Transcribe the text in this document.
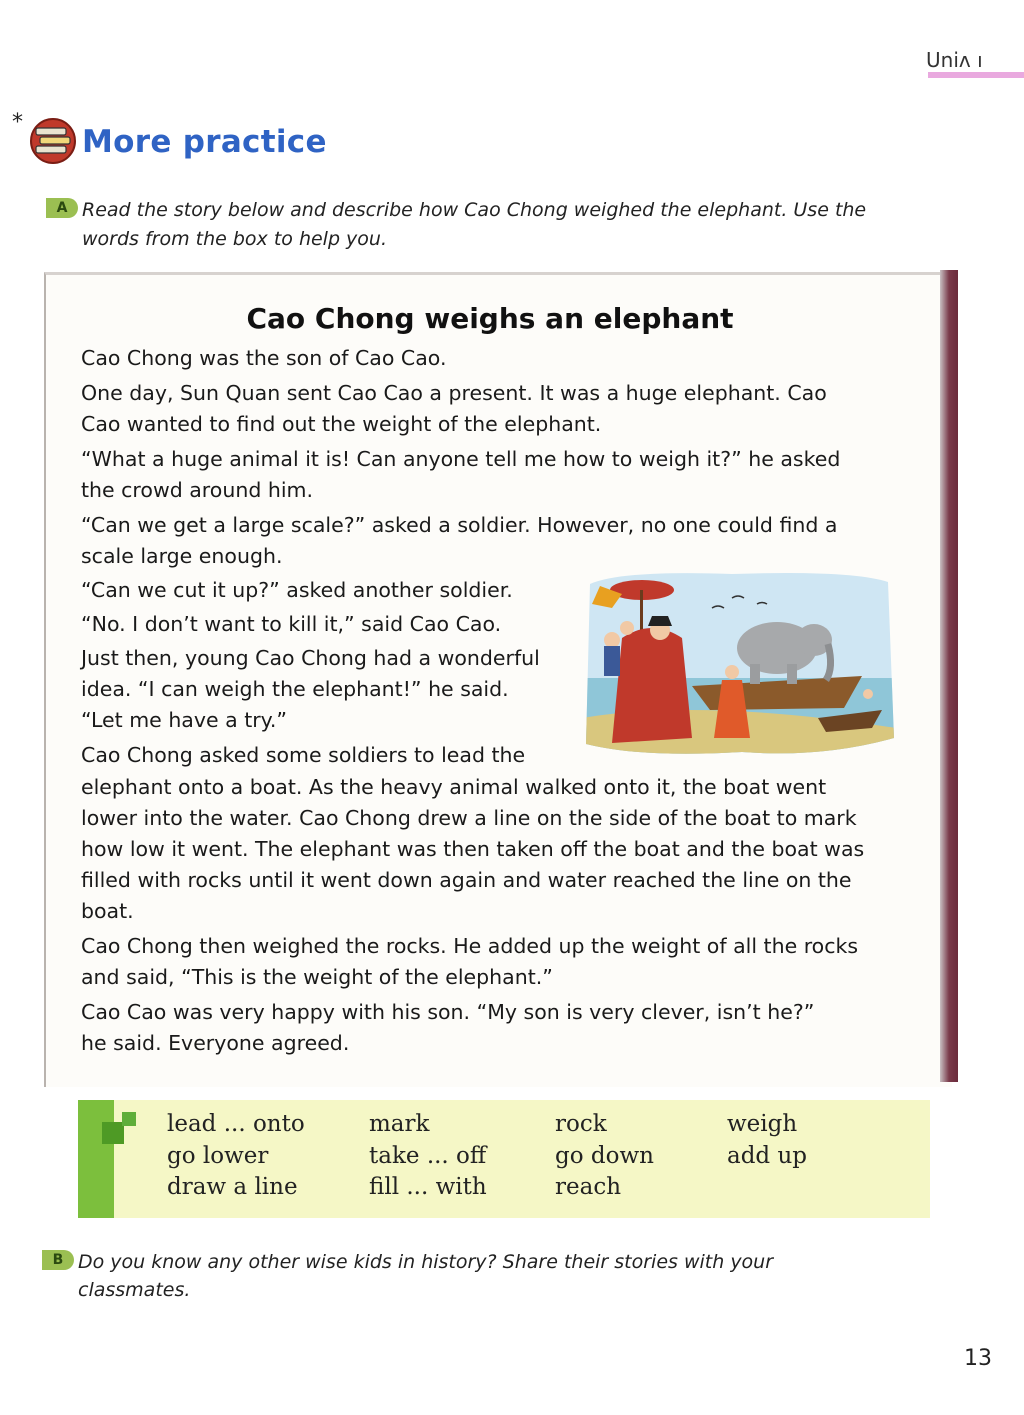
Uniʌ ı
*
More practice
A Read the story below and describe how Cao Chong weighed the elephant. Use the
words from the box to help you.
Cao Chong weighs an elephant
Cao Chong was the son of Cao Cao.
One day, Sun Quan sent Cao Cao a present. It was a huge elephant. Cao
Cao wanted to find out the weight of the elephant.
“What a huge animal it is! Can anyone tell me how to weigh it?” he asked
the crowd around him.
“Can we get a large scale?” asked a soldier. However, no one could find a
scale large enough.
“Can we cut it up?” asked another soldier.
“No. I don’t want to kill it,” said Cao Cao.
Just then, young Cao Chong had a wonderful
idea. “I can weigh the elephant!” he said.
“Let me have a try.”
Cao Chong asked some soldiers to lead the
elephant onto a boat. As the heavy animal walked onto it, the boat went
lower into the water. Cao Chong drew a line on the side of the boat to mark
how low it went. The elephant was then taken off the boat and the boat was
filled with rocks until it went down again and water reached the line on the
boat.
Cao Chong then weighed the rocks. He added up the weight of all the rocks
and said, “This is the weight of the elephant.”
Cao Cao was very happy with his son. “My son is very clever, isn’t he?”
he said. Everyone agreed.
lead ... onto
go lower
draw a line
mark
take ... off
fill ... with
rock
go down
reach
weigh
add up
B Do you know any other wise kids in history? Share their stories with your
classmates.
13
